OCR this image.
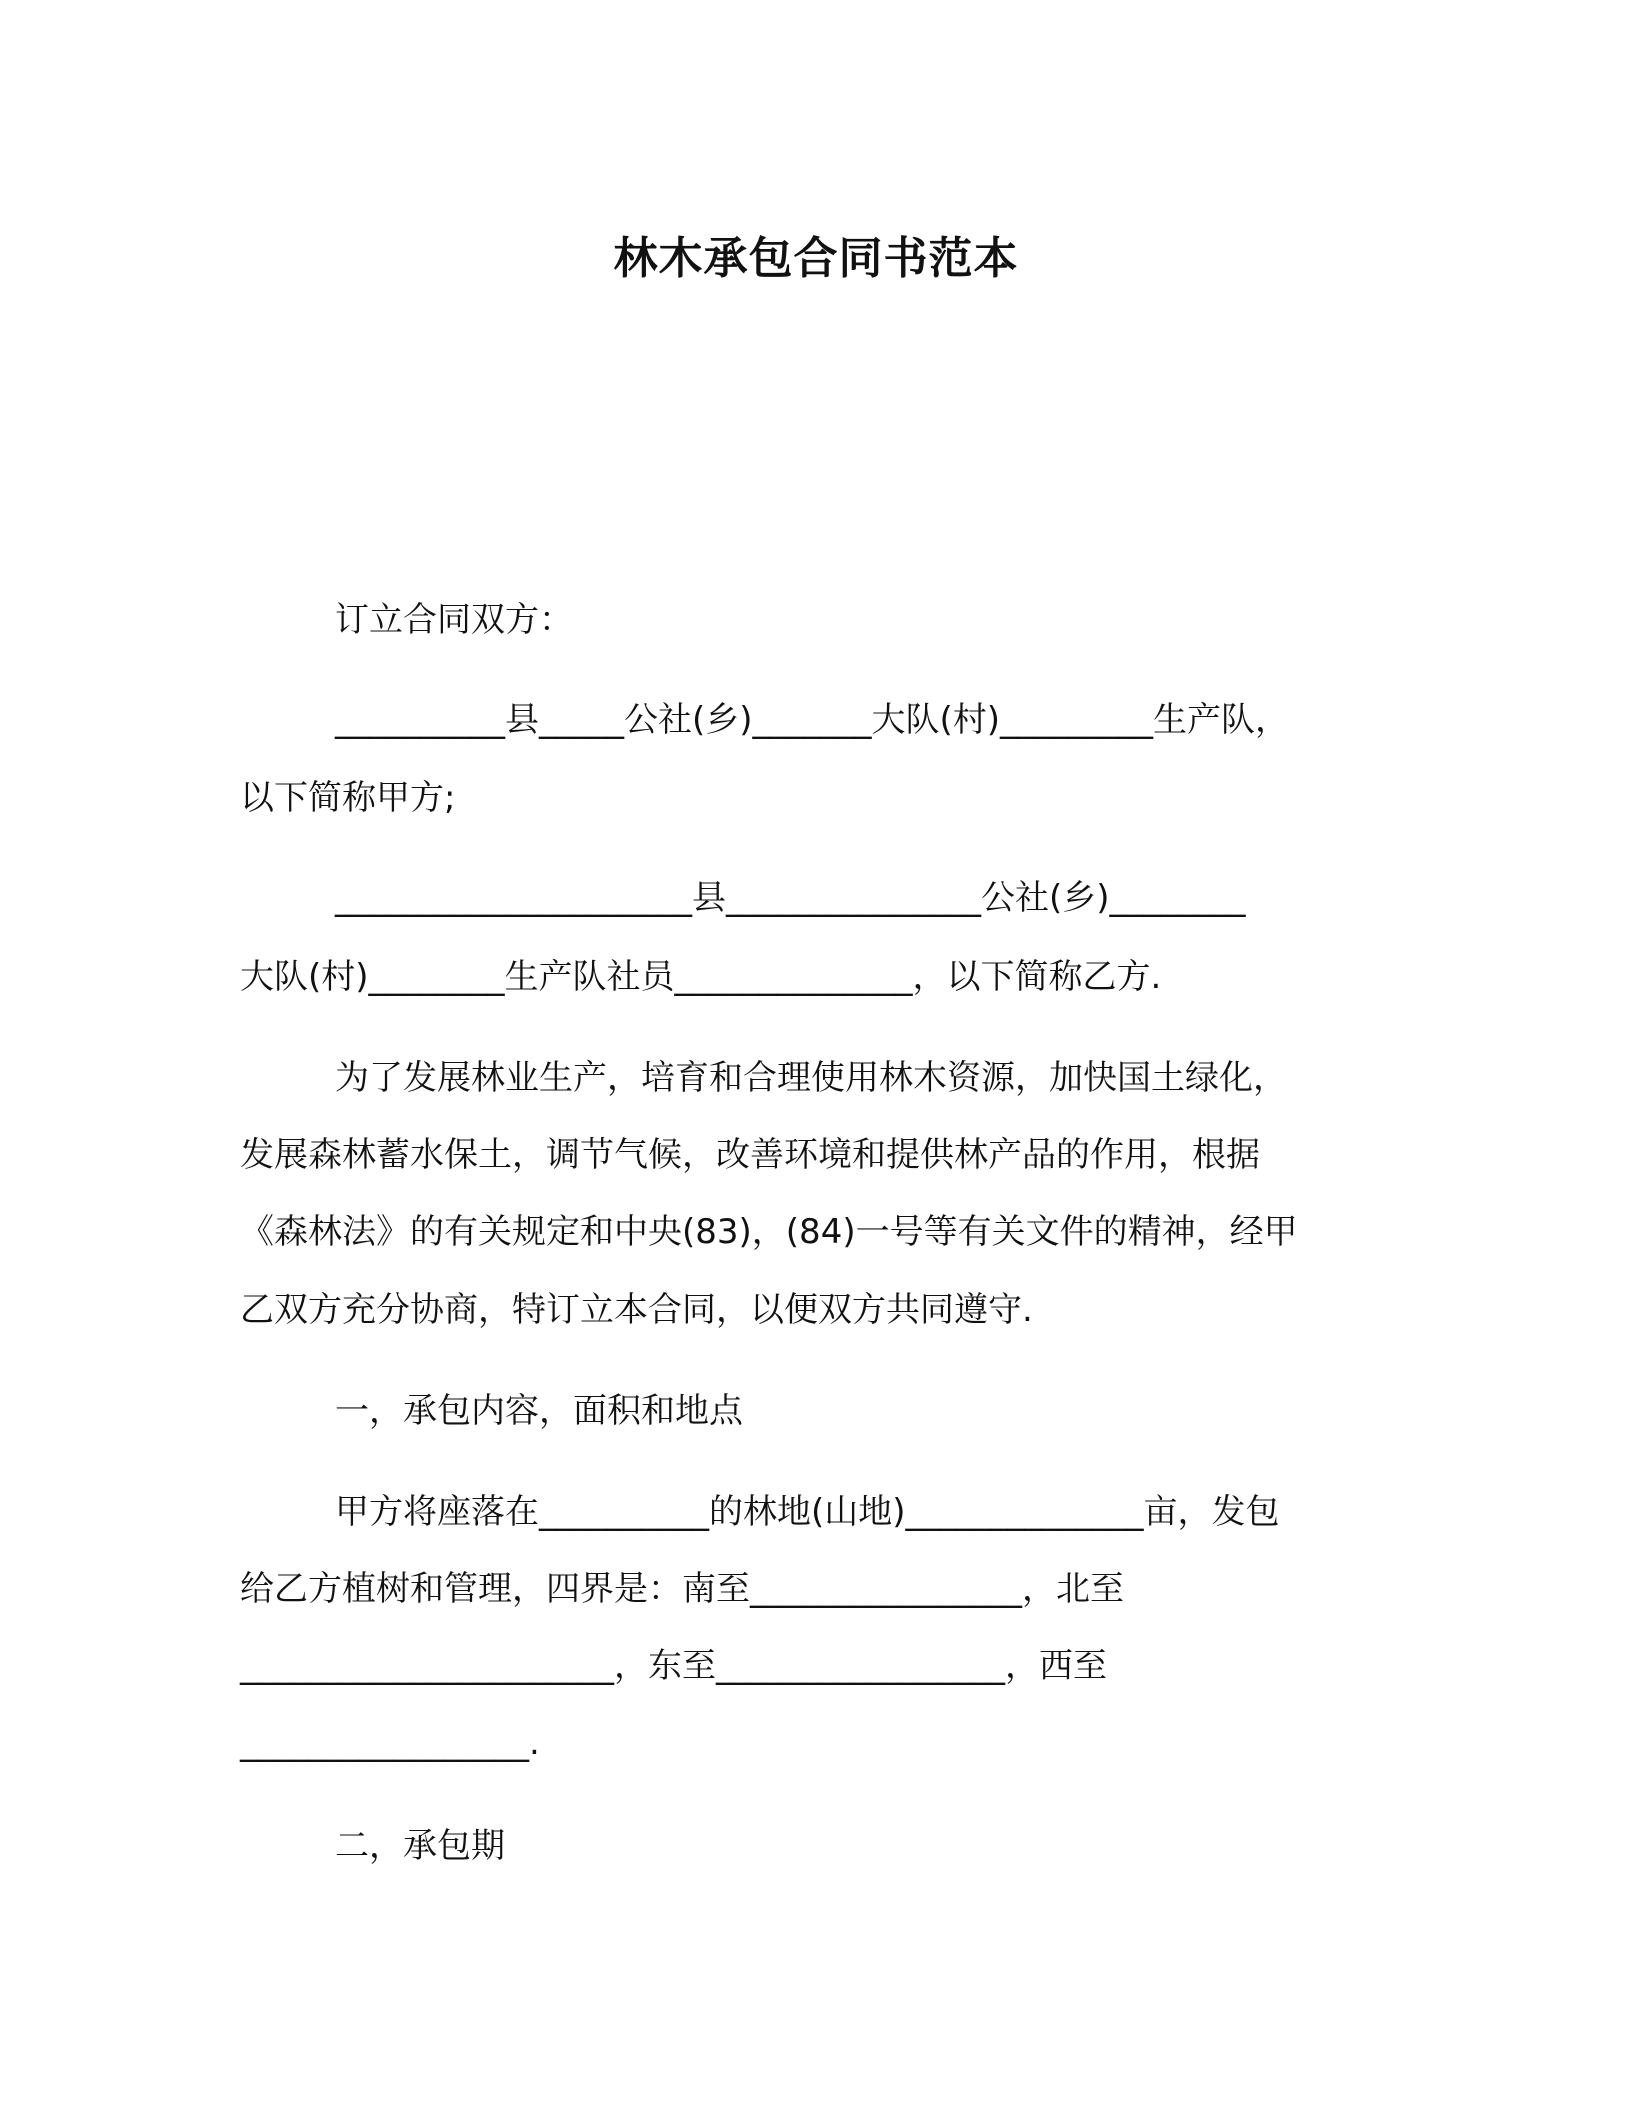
林木承包合同书范本

订立合同双方：

__________县_____公社(乡)_______大队(村)_________生产队，

以下简称甲方;

_____________________县_______________公社(乡)________

大队(村)________生产队社员______________，以下简称乙方.

为了发展林业生产，培育和合理使用林木资源，加快国土绿化，

发展森林蓄水保土，调节气候，改善环境和提供林产品的作用，根据

《森林法》的有关规定和中央(83)，(84)一号等有关文件的精神，经甲

乙双方充分协商，特订立本合同，以便双方共同遵守.

一，承包内容，面积和地点

甲方将座落在__________的林地(山地)______________亩，发包

给乙方植树和管理，四界是：南至________________，北至

______________________，东至_________________，西至

_________________.

二，承包期
